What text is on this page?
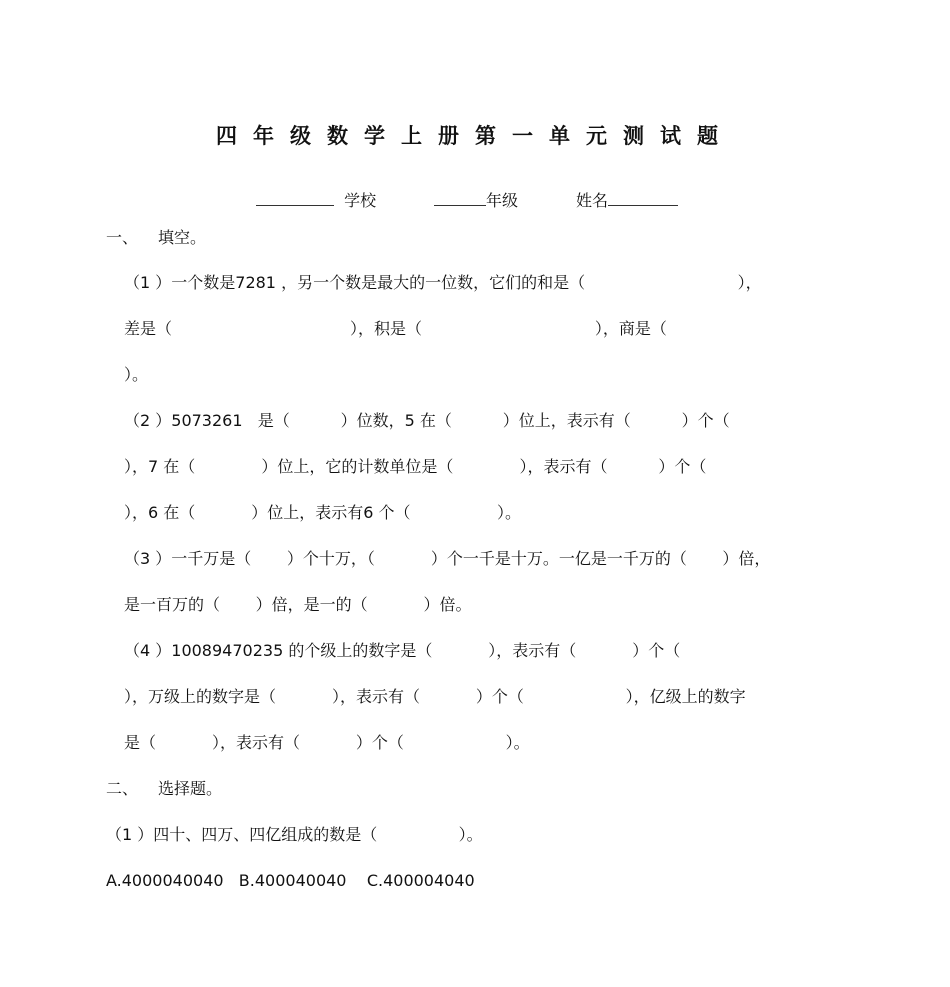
四年级数学上册第一单元测试题
学校	年级	姓名
一、 填空。
（1 ）一个数是7281 ，另一个数是最大的一位数，它们的和是（                              ），
差是（                                   ），积是（                                  ），商是（
）。
（2 ）5073261   是（          ）位数，5 在（          ）位上，表示有（          ）个（
），7 在（             ）位上，它的计数单位是（             ），表示有（          ）个（
），6 在（           ）位上，表示有6 个（                 ）。
（3 ）一千万是（       ）个十万，（           ）个一千是十万。一亿是一千万的（       ）倍，
是一百万的（       ）倍，是一的（           ）倍。
（4 ）10089470235 的个级上的数字是（           ），表示有（           ）个（
），万级上的数字是（           ），表示有（           ）个（                    ），亿级上的数字
是（           ），表示有（           ）个（                    ）。
二、 选择题。
（1 ）四十、四万、四亿组成的数是（                ）。
A.4000040040   B.400040040    C.400004040
